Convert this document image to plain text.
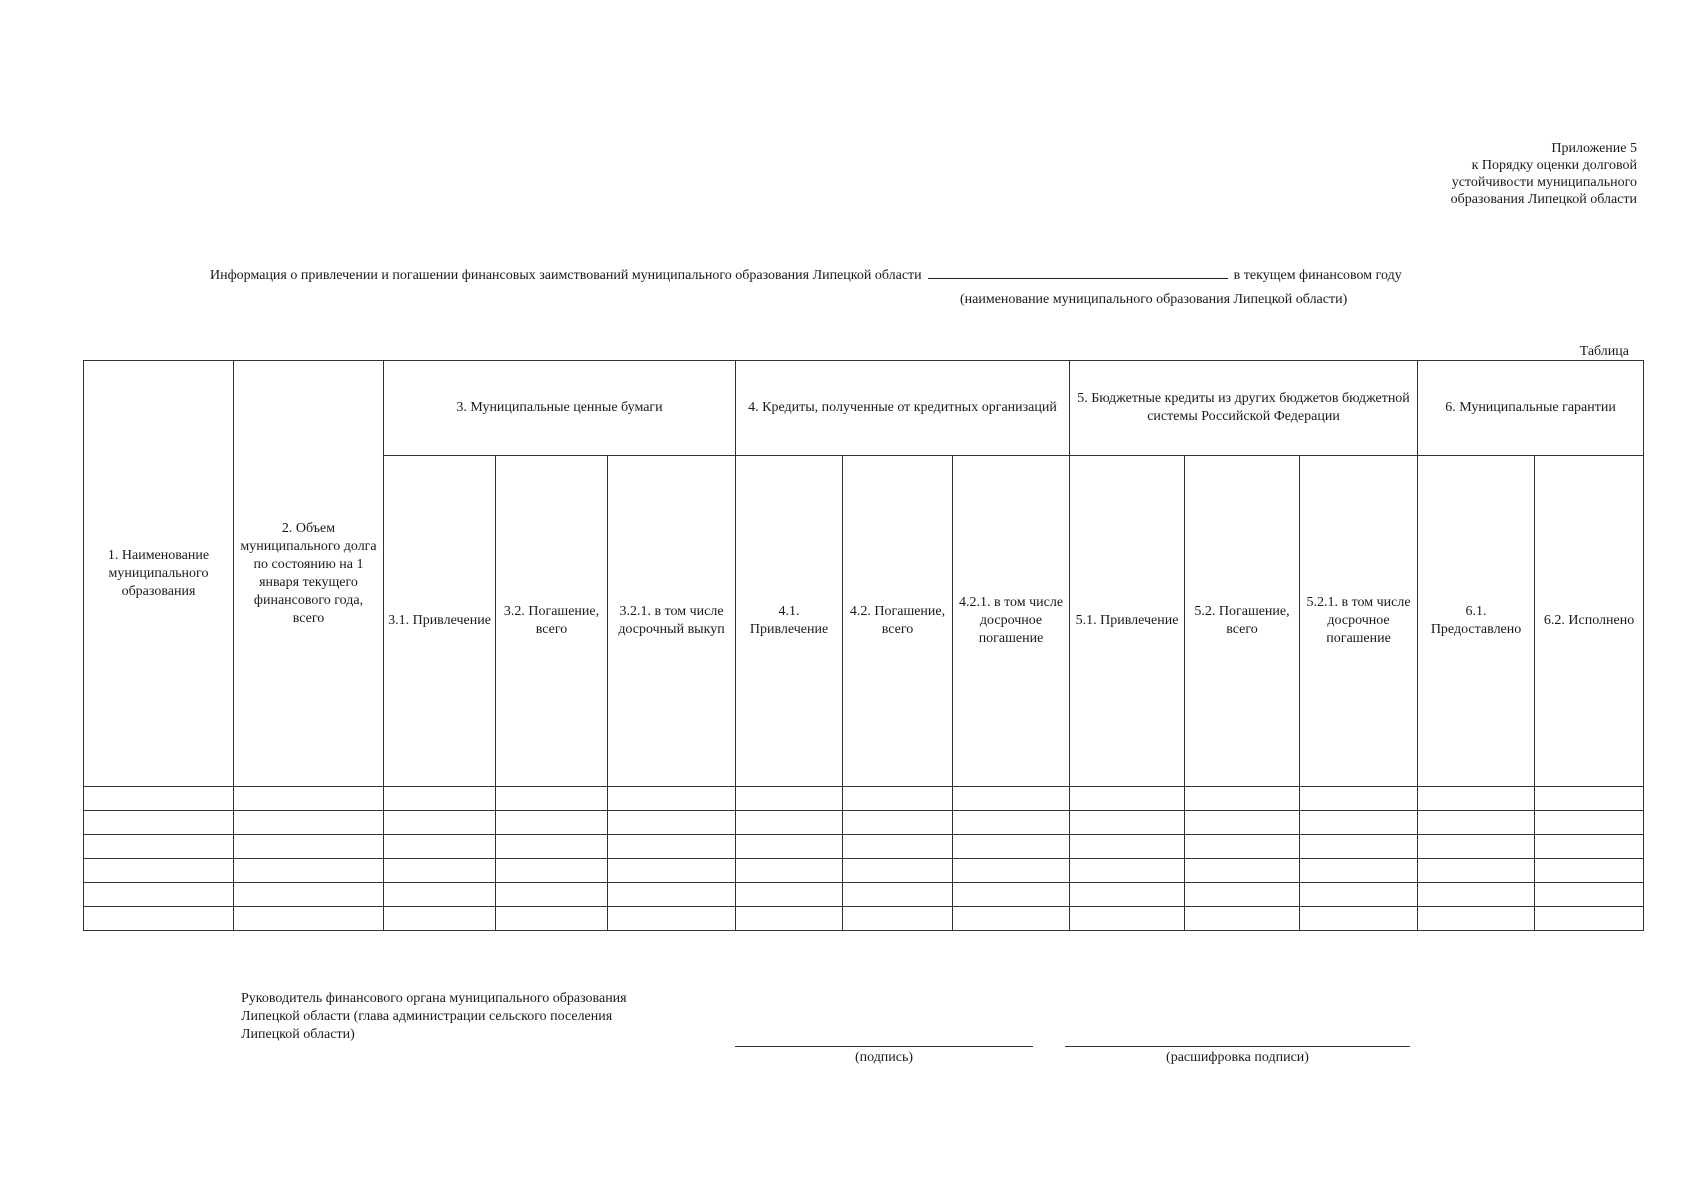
Приложение 5
к Порядку оценки долговой
устойчивости муниципального
образования Липецкой области
Информация о привлечении и погашении финансовых заимствований муниципального образования Липецкой области	в текущем финансовом году
(наименование муниципального образования Липецкой области)
Таблица
1. Наименование муниципального образования	2. Объем муниципального долга по состоянию на 1 января текущего финансового года, всего	3. Муниципальные ценные бумаги			4. Кредиты, полученные от кредитных организаций			5. Бюджетные кредиты из других бюджетов бюджетной системы Российской Федерации			6. Муниципальные гарантии	
		3.1. Привлечение	3.2. Погашение, всего	3.2.1. в том числе досрочный выкуп	4.1. Привлечение	4.2. Погашение, всего	4.2.1. в том числе досрочное погашение	5.1. Привлечение	5.2. Погашение, всего	5.2.1. в том числе досрочное погашение	6.1. Предоставлено	6.2. Исполнено

Руководитель финансового органа муниципального образования
Липецкой области (глава администрации сельского поселения
Липецкой области)
(подпись)	(расшифровка подписи)
